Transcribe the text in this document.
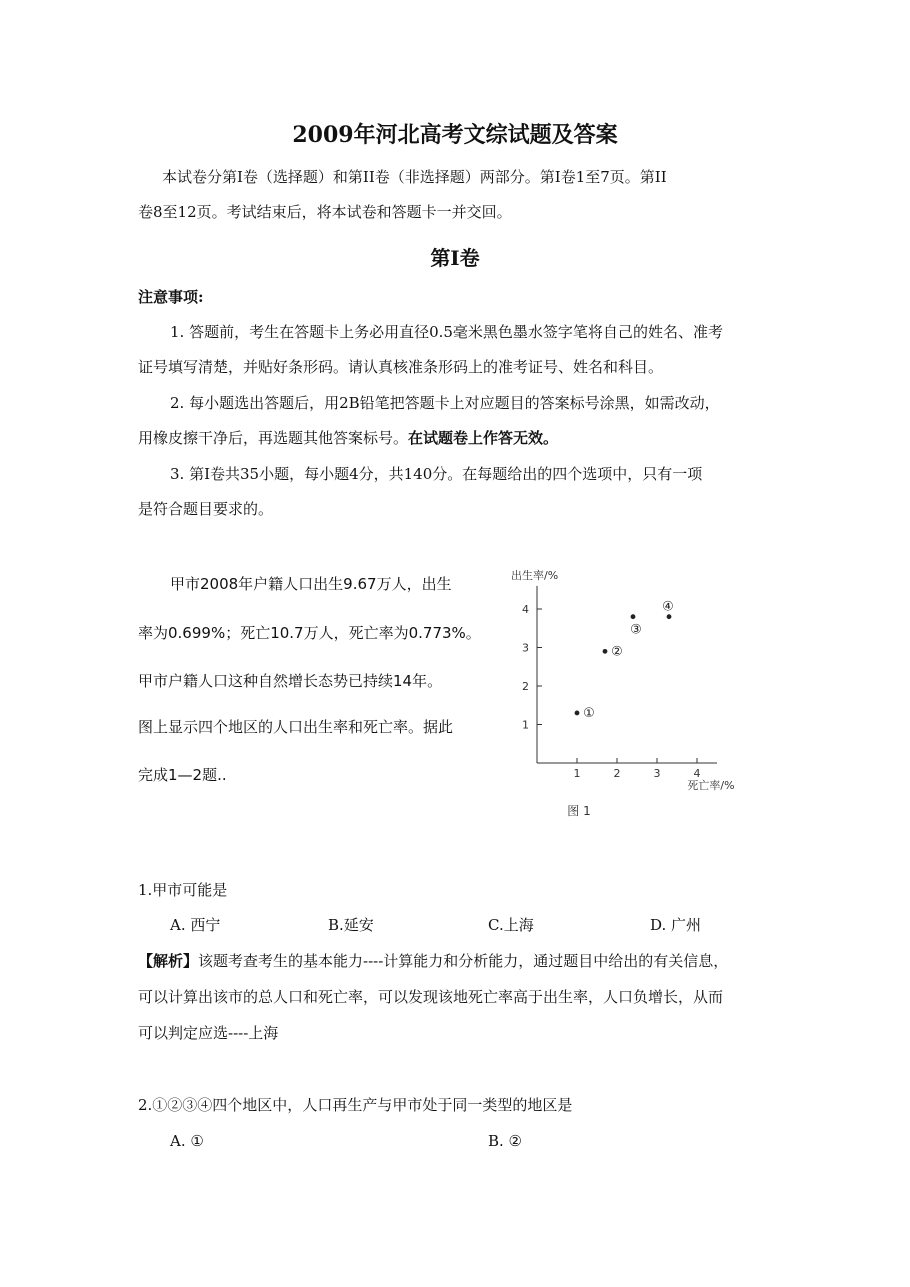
2009年河北高考文综试题及答案
本试卷分第Ⅰ卷（选择题）和第II卷（非选择题）两部分。第Ⅰ卷1至7页。第II
卷8至12页。考试结束后，将本试卷和答题卡一并交回。
第Ⅰ卷
注意事项:
1. 答题前，考生在答题卡上务必用直径0.5毫米黑色墨水签字笔将自己的姓名、准考
证号填写清楚，并贴好条形码。请认真核准条形码上的准考证号、姓名和科目。
2. 每小题选出答题后，用2B铅笔把答题卡上对应题目的答案标号涂黑，如需改动，
用橡皮擦干净后，再选题其他答案标号。在试题卷上作答无效。
3. 第Ⅰ卷共35小题，每小题4分，共140分。在每题给出的四个选项中，只有一项
是符合题目要求的。
甲市2008年户籍人口出生9.67万人，出生
率为0.699%；死亡10.7万人，死亡率为0.773%。
甲市户籍人口这种自然增长态势已持续14年。
图上显示四个地区的人口出生率和死亡率。据此
完成1—2题..	1	2	3	4
1
2
3
4
出生率/%
死亡率/%
①
②
③
④
图 1
1.甲市可能是
A. 西宁	B.延安	C.上海	D. 广州
【解析】该题考查考生的基本能力----计算能力和分析能力，通过题目中给出的有关信息，
可以计算出该市的总人口和死亡率，可以发现该地死亡率高于出生率，人口负增长，从而
可以判定应选----上海
2.①②③④四个地区中，人口再生产与甲市处于同一类型的地区是
A. ①	B. ②
